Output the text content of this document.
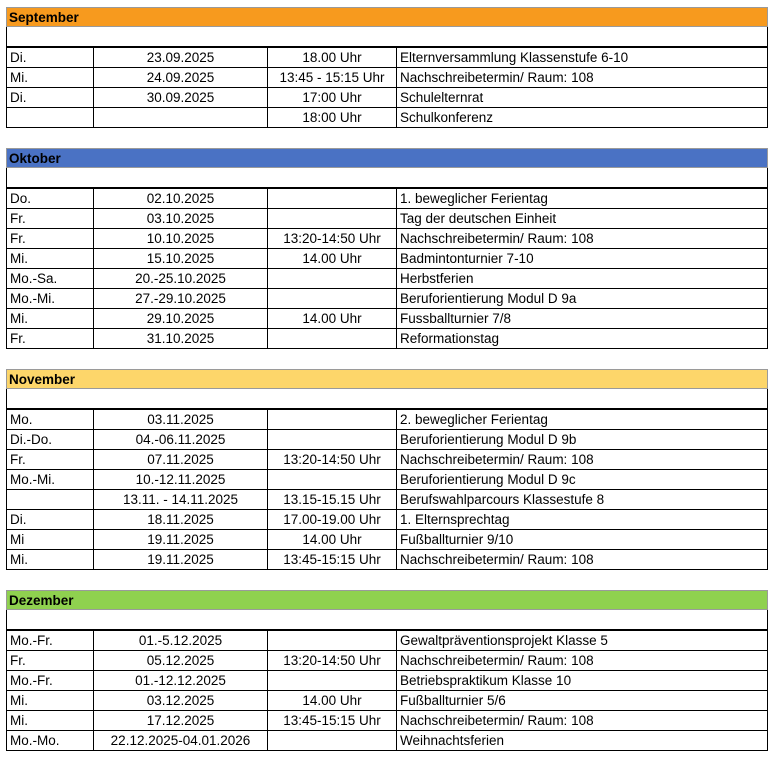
September
Di.	23.09.2025	18.00 Uhr	Elternversammlung Klassenstufe 6-10
Mi.	24.09.2025	13:45 - 15:15 Uhr	Nachschreibetermin/ Raum: 108
Di.	30.09.2025	17:00 Uhr	Schulelternrat
		18:00 Uhr	Schulkonferenz
Oktober
Do.	02.10.2025		1. beweglicher Ferientag
Fr.	03.10.2025		Tag der deutschen Einheit
Fr.	10.10.2025	13:20-14:50 Uhr	Nachschreibetermin/ Raum: 108
Mi.	15.10.2025	14.00 Uhr	Badmintonturnier 7-10
Mo.-Sa.	20.-25.10.2025		Herbstferien
Mo.-Mi.	27.-29.10.2025		Beruforientierung Modul D 9a
Mi.	29.10.2025	14.00 Uhr	Fussballturnier 7/8
Fr.	31.10.2025		Reformationstag
November
Mo.	03.11.2025		2. beweglicher Ferientag
Di.-Do.	04.-06.11.2025		Beruforientierung Modul D 9b
Fr.	07.11.2025	13:20-14:50 Uhr	Nachschreibetermin/ Raum: 108
Mo.-Mi.	10.-12.11.2025		Beruforientierung Modul D 9c
	13.11. - 14.11.2025	13.15-15.15 Uhr	Berufswahlparcours Klassestufe 8
Di.	18.11.2025	17.00-19.00 Uhr	1. Elternsprechtag
Mi	19.11.2025	14.00 Uhr	Fußballturnier 9/10
Mi.	19.11.2025	13:45-15:15 Uhr	Nachschreibetermin/ Raum: 108
Dezember
Mo.-Fr.	01.-5.12.2025		Gewaltpräventionsprojekt Klasse 5
Fr.	05.12.2025	13:20-14:50 Uhr	Nachschreibetermin/ Raum: 108
Mo.-Fr.	01.-12.12.2025		Betriebspraktikum Klasse 10
Mi.	03.12.2025	14.00 Uhr	Fußballturnier 5/6
Mi.	17.12.2025	13:45-15:15 Uhr	Nachschreibetermin/ Raum: 108
Mo.-Mo.	22.12.2025-04.01.2026		Weihnachtsferien
